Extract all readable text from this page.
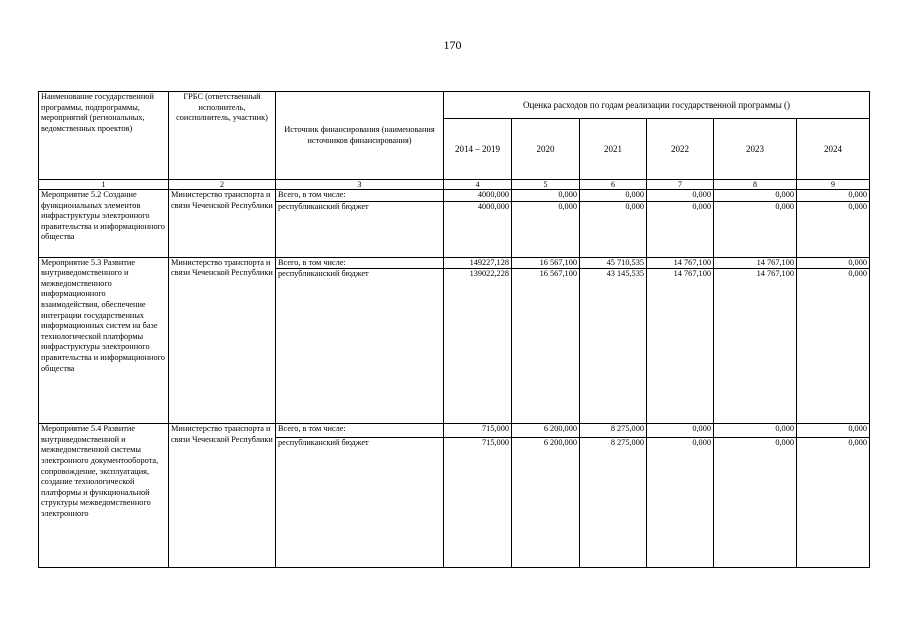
170
Наименование государственной программы, подпрограммы, мероприятий (региональных, ведомственных проектов)	ГРБС (ответственный исполнитель, соисполнитель, участник)	Источник финансирования (наименования источников финансирования)	Оценка расходов по годам реализации государственной программы ()					
			2014 – 2019	2020	2021	2022	2023	2024
1	2	3	4	5	6	7	8	9
Мероприятие 5.2 Создание функциональных элементов инфраструктуры электронного правительства и информационного общества	Министерство транспорта и связи Чеченской Республики	Всего, в том числе:	4000,000	0,000	0,000	0,000	0,000	0,000
		республиканский бюджет	4000,000	0,000	0,000	0,000	0,000	0,000
Мероприятие 5.3 Развитие внутриведомственного и межведомственного информационного взаимодействия, обеспечение интеграции государственных информационных систем на базе технологической платформы инфраструктуры электронного правительства и информационного общества	Министерство транспорта и связи Чеченской Республики	Всего, в том числе:	149227,128	16 567,100	45 710,535	14 767,100	14 767,100	0,000
		республиканский бюджет	139022,228	16 567,100	43 145,535	14 767,100	14 767,100	0,000
Мероприятие 5.4 Развитие внутриведомственной и межведомственной системы электронного документооборота, сопровождение, эксплуатация, создание технологической платформы и функциональной структуры межведомственного электронного	Министерство транспорта и связи Чеченской Республики	Всего, в том числе:	715,000	6 200,000	8 275,000	0,000	0,000	0,000
		республиканский бюджет	715,000	6 200,000	8 275,000	0,000	0,000	0,000
